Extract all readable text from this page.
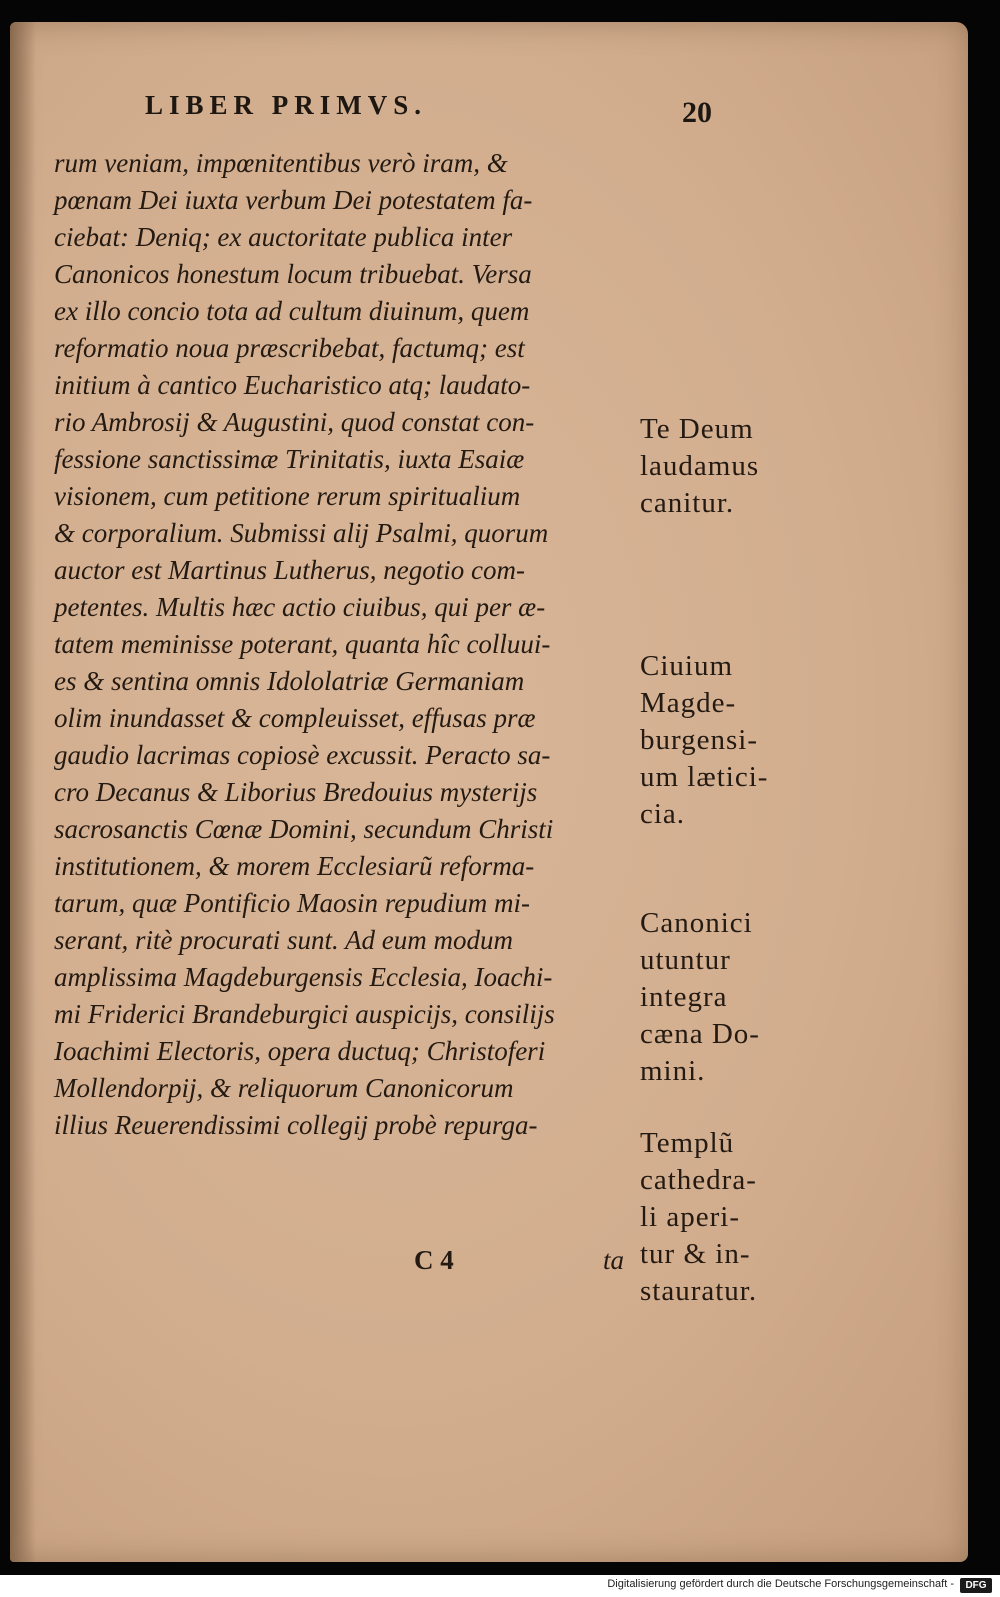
LIBER PRIMVS.	20
rum veniam, impœnitentibus verò iram, &
pœnam Dei iuxta verbum Dei potestatem fa-
ciebat: Deniq; ex auctoritate publica inter
Canonicos honestum locum tribuebat. Versa
ex illo concio tota ad cultum diuinum, quem
reformatio noua præscribebat, factumq; est
initium à cantico Eucharistico atq; laudato-
rio Ambrosij & Augustini, quod constat con-
fessione sanctissimæ Trinitatis, iuxta Esaiæ
visionem, cum petitione rerum spiritualium
& corporalium. Submissi alij Psalmi, quorum
auctor est Martinus Lutherus, negotio com-
petentes. Multis hæc actio ciuibus, qui per æ-
tatem meminisse poterant, quanta hîc colluui-
es & sentina omnis Idololatriæ Germaniam
olim inundasset & compleuisset, effusas præ
gaudio lacrimas copiosè excussit. Peracto sa-
cro Decanus & Liborius Bredouius mysterijs
sacrosanctis Cœnæ Domini, secundum Christi
institutionem, & morem Ecclesiarũ reforma-
tarum, quæ Pontificio Maosin repudium mi-
serant, ritè procurati sunt. Ad eum modum
amplissima Magdeburgensis Ecclesia, Ioachi-
mi Friderici Brandeburgici auspicijs, consilijs
Ioachimi Electoris, opera ductuq; Christoferi
Mollendorpij, & reliquorum Canonicorum
illius Reuerendissimi collegij probè repurga-
C 4	ta
Te Deum
laudamus
canitur.
Ciuium
Magde-
burgensi-
um lætici-
cia.
Canonici
utuntur
integra
cæna Do-
mini.
Templũ
cathedra-
li aperi-
tur & in-
stauratur.
Digitalisierung gefördert durch die Deutsche Forschungsgemeinschaft -	DFG
